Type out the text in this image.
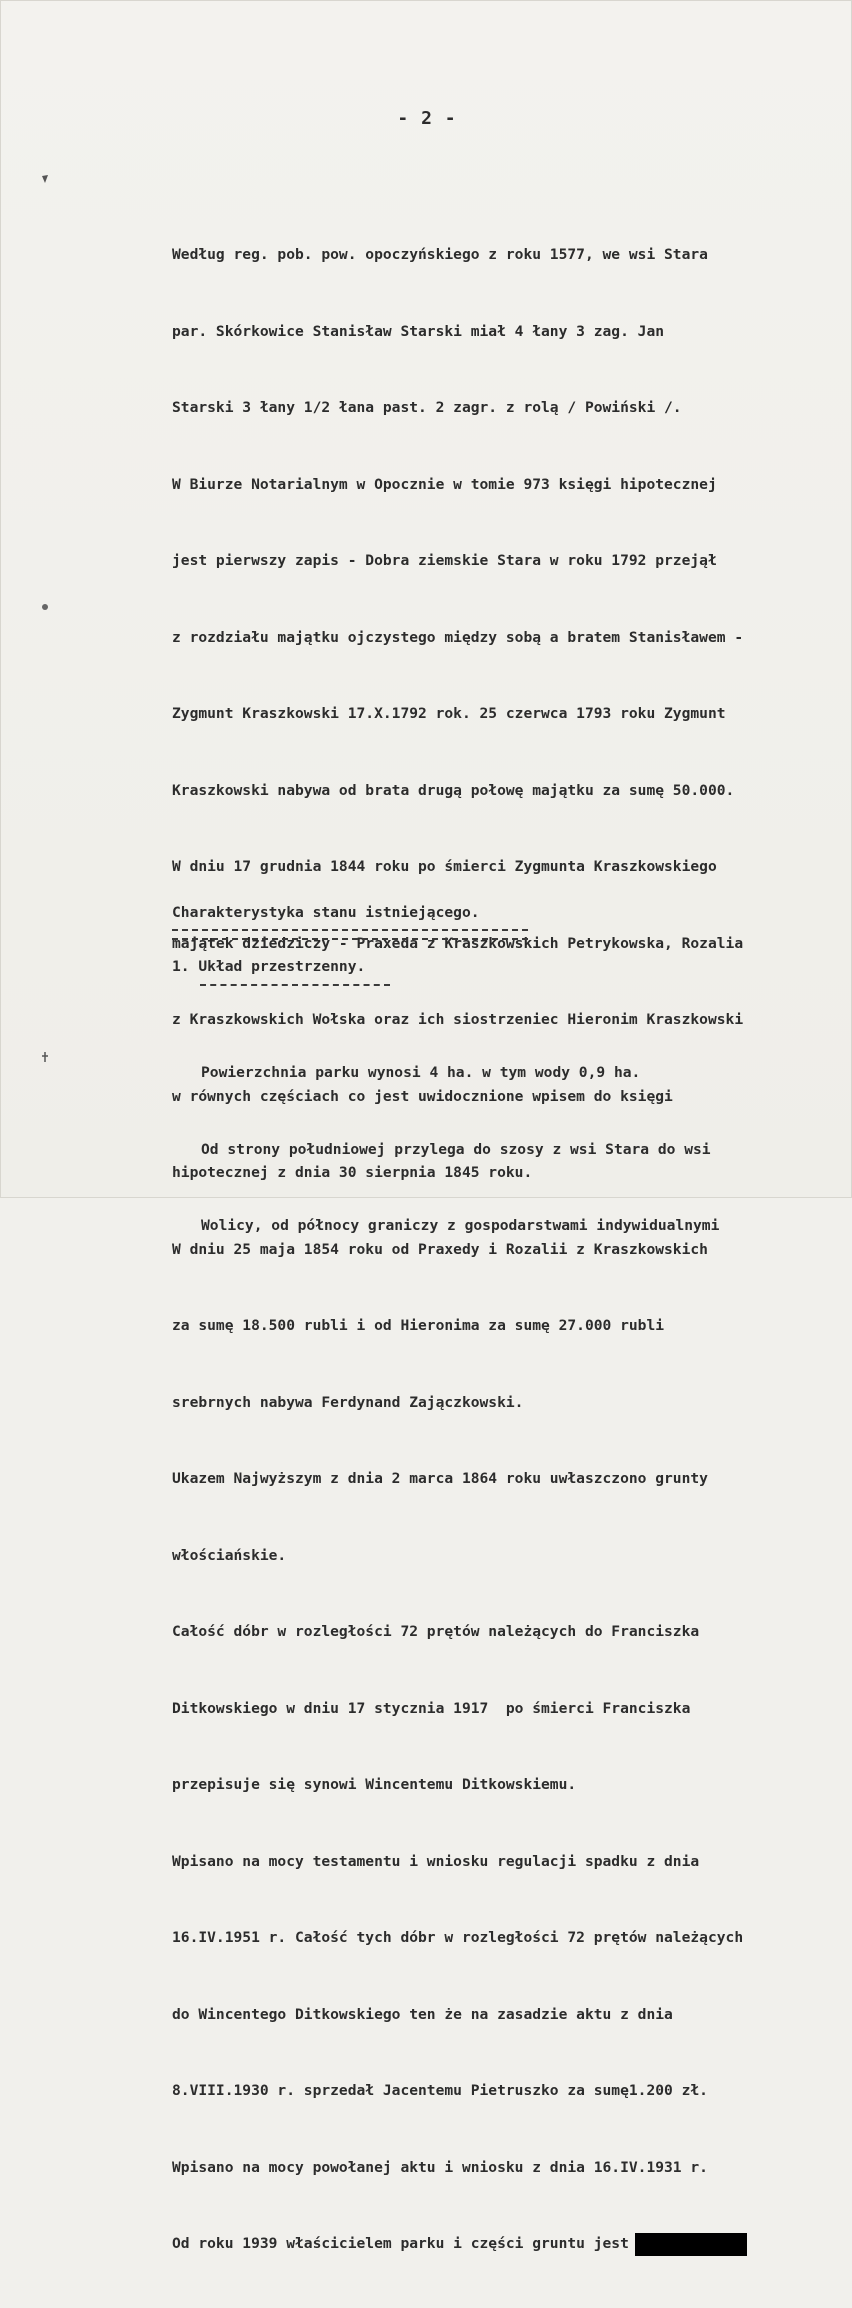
- 2 -

Według reg. pob. pow. opoczyńskiego z roku 1577, we wsi Stara

par. Skórkowice Stanisław Starski miał 4 łany 3 zag. Jan

Starski 3 łany 1/2 łana past. 2 zagr. z rolą / Powiński /.

W Biurze Notarialnym w Opocznie w tomie 973 księgi hipotecznej

jest pierwszy zapis - Dobra ziemskie Stara w roku 1792 przejął

z rozdziału majątku ojczystego między sobą a bratem Stanisławem -

Zygmunt Kraszkowski 17.X.1792 rok. 25 czerwca 1793 roku Zygmunt

Kraszkowski nabywa od brata drugą połowę majątku za sumę 50.000.

W dniu 17 grudnia 1844 roku po śmierci Zygmunta Kraszkowskiego

majątek dziedziczy - Praxeda z Kraszkowskich Petrykowska, Rozalia

z Kraszkowskich Wołska oraz ich siostrzeniec Hieronim Kraszkowski

w równych częściach co jest uwidocznione wpisem do księgi

hipotecznej z dnia 30 sierpnia 1845 roku.

W dniu 25 maja 1854 roku od Praxedy i Rozalii z Kraszkowskich

za sumę 18.500 rubli i od Hieronima za sumę 27.000 rubli

srebrnych nabywa Ferdynand Zajączkowski.

Ukazem Najwyższym z dnia 2 marca 1864 roku uwłaszczono grunty

włościańskie.

Całość dóbr w rozległości 72 prętów należących do Franciszka

Ditkowskiego w dniu 17 stycznia 1917  po śmierci Franciszka

przepisuje się synowi Wincentemu Ditkowskiemu.

Wpisano na mocy testamentu i wniosku regulacji spadku z dnia

16.IV.1951 r. Całość tych dóbr w rozległości 72 prętów należących

do Wincentego Ditkowskiego ten że na zasadzie aktu z dnia

8.VIII.1930 r. sprzedał Jacentemu Pietruszko za sumę1.200 zł.

Wpisano na mocy powołanej aktu i wniosku z dnia 16.IV.1931 r.

Od roku 1939 właścicielem parku i części gruntu jest

Charakterystyka stanu istniejącego.
1. Układ przestrzenny.

Powierzchnia parku wynosi 4 ha. w tym wody 0,9 ha.

Od strony południowej przylega do szosy z wsi Stara do wsi

Wolicy, od północy graniczy z gospodarstwami indywidualnymi
